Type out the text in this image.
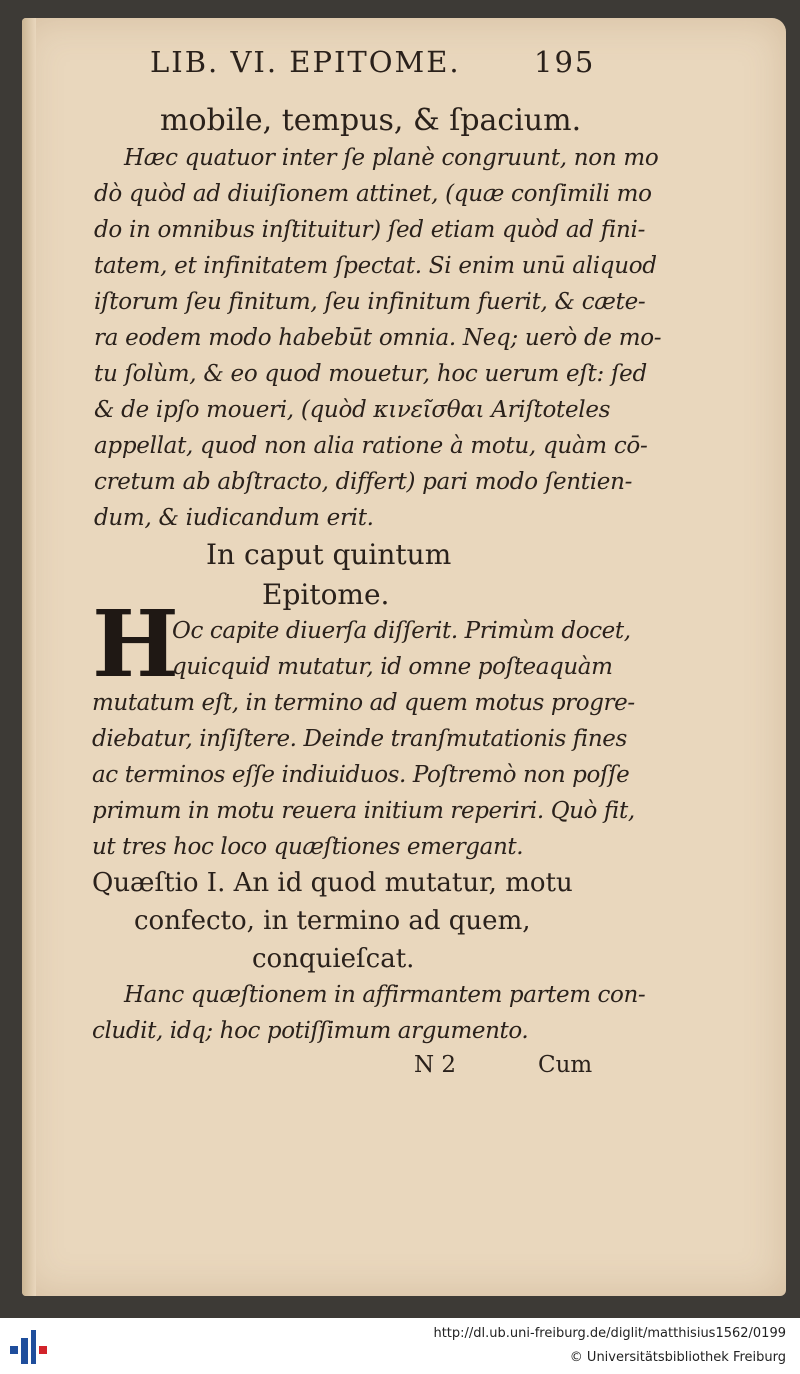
LIB. VI. EPITOME.	195
mobile, tempus, & ſpacium.
Hæc quatuor inter ſe planè congruunt, non mo
dò quòd ad diuiſionem attinet, (quæ conſimili mo
do in omnibus inſtituitur) ſed etiam quòd ad fini-
tatem, et infinitatem ſpectat. Si enim unū aliquod
iſtorum ſeu finitum, ſeu infinitum fuerit, & cæte-
ra eodem modo habebūt omnia. Neq; uerò de mo-
tu ſolùm, & eo quod mouetur, hoc uerum eſt: ſed
& de ipſo moueri, (quòd κινεῖσθαι Ariſtoteles
appellat, quod non alia ratione à motu, quàm cō-
cretum ab abſtracto, differt) pari modo ſentien-
dum, & iudicandum erit.
In caput quintum
Epitome.
H
Oc capite diuerſa diſſerit. Primùm docet,
quicquid mutatur, id omne poſteaquàm
mutatum eſt, in termino ad quem motus progre-
diebatur, inſiſtere. Deinde tranſmutationis fines
ac terminos eſſe indiuiduos. Poſtremò non poſſe
primum in motu reuera initium reperiri. Quò fit,
ut tres hoc loco quæſtiones emergant.
Quæſtio I. An id quod mutatur, motu
confecto, in termino ad quem,
conquieſcat.
Hanc quæſtionem in affirmantem partem con-
cludit, idq; hoc potiſſimum argumento.
N 2	Cum
http://dl.ub.uni-freiburg.de/diglit/matthisius1562/0199
© Universitätsbibliothek Freiburg
